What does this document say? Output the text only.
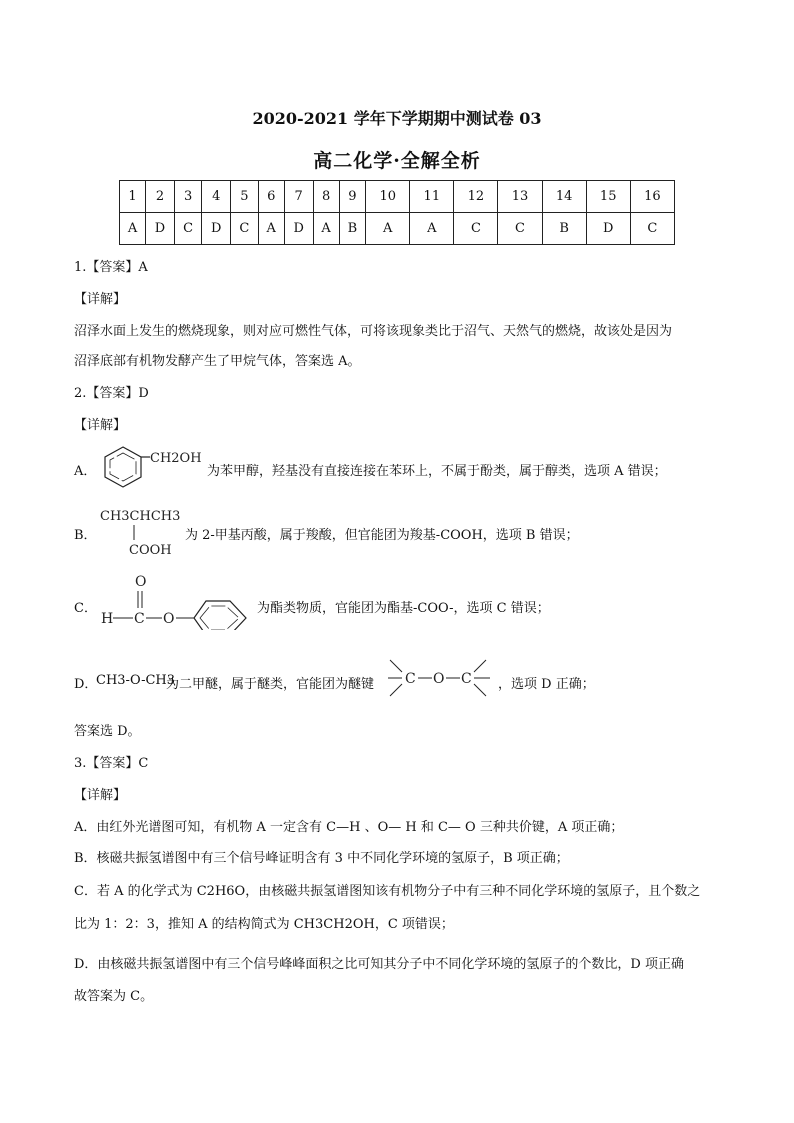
2020-2021 学年下学期期中测试卷 03
高二化学·全解全析
1	2	3	4	5	6	7	8	9	10	11	12	13	14	15	16
A	D	C	D	C	A	D	A	B	A	A	C	C	B	D	C
1.【答案】A
【详解】
沼泽水面上发生的燃烧现象，则对应可燃性气体，可将该现象类比于沼气、天然气的燃烧，故该处是因为
沼泽底部有机物发酵产生了甲烷气体，答案选 A。
2.【答案】D
【详解】
A．
CH2OH
为苯甲醇，羟基没有直接连接在苯环上，不属于酚类，属于醇类，选项 A 错误；
B．
CH3CHCH3
COOH
为 2-甲基丙酸，属于羧酸，但官能团为羧基-COOH，选项 B 错误；
C．
O
H C O
为酯类物质，官能团为酯基-COO-，选项 C 错误；
D．
CH3-O-CH3
为二甲醚，属于醚类，官能团为醚键 C O C ，选项 D 正确；
答案选 D。
3.【答案】C
【详解】
A．由红外光谱图可知，有机物 A 一定含有 C—H 、O— H 和 C— O 三种共价键，A 项正确；
B．核磁共振氢谱图中有三个信号峰证明含有 3 中不同化学环境的氢原子，B 项正确；
C．若 A 的化学式为 C2H6O，由核磁共振氢谱图知该有机物分子中有三种不同化学环境的氢原子，且个数之
比为 1：2：3，推知 A 的结构简式为 CH3CH2OH，C 项错误；
D．由核磁共振氢谱图中有三个信号峰峰面积之比可知其分子中不同化学环境的氢原子的个数比，D 项正确
故答案为 C。
